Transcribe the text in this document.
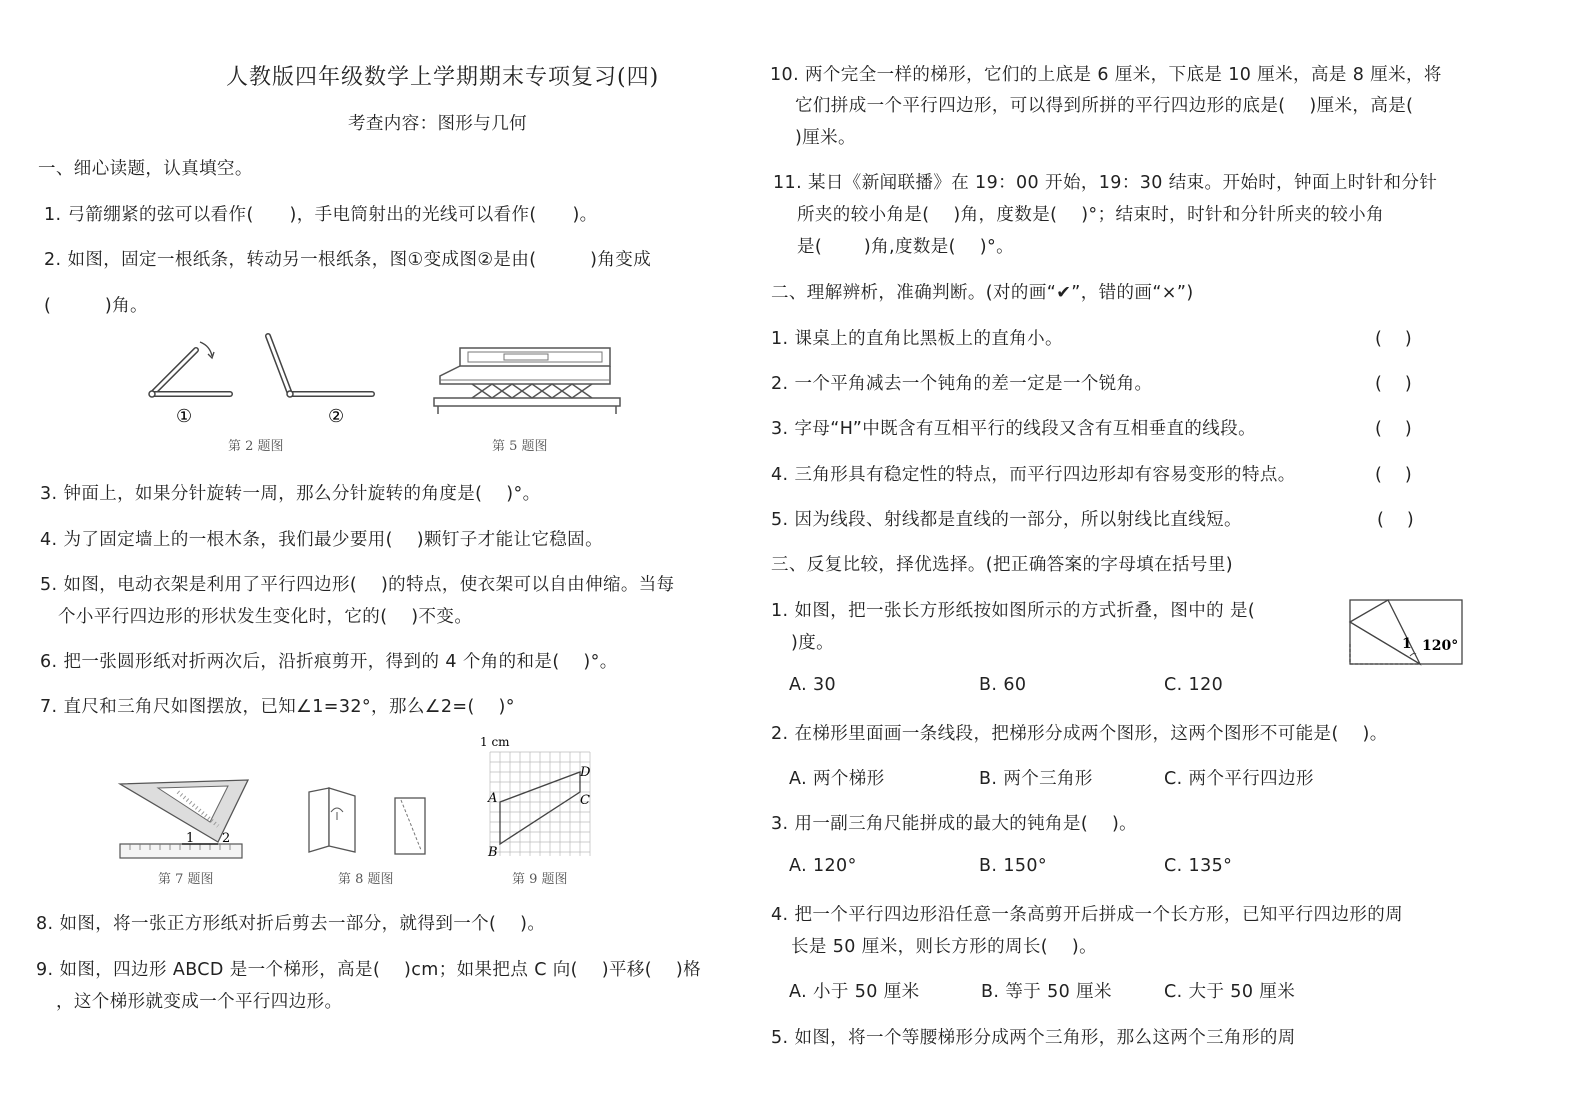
人教版四年级数学上学期期末专项复习(四)
考查内容：图形与几何
一、细心读题，认真填空。
1. 弓箭绷紧的弦可以看作(　　)，手电筒射出的光线可以看作(　　)。
2. 如图，固定一根纸条，转动另一根纸条，图①变成图②是由(　　　)角变成
(　　　)角。
①	②
第 2 题图	第 5 题图
3. 钟面上，如果分针旋转一周，那么分针旋转的角度是(　 )°。
4. 为了固定墙上的一根木条，我们最少要用(　 )颗钉子才能让它稳固。
5. 如图，电动衣架是利用了平行四边形(　 )的特点，使衣架可以自由伸缩。当每
个小平行四边形的形状发生变化时，它的(　 )不变。
6. 把一张圆形纸对折两次后，沿折痕剪开，得到的 4 个角的和是(　 )°。
7. 直尺和三角尺如图摆放，已知∠1=32°，那么∠2=(　 )°
1 2
第 7 题图	第 8 题图
1 cm
A
B
C
D
第 9 题图
8. 如图，将一张正方形纸对折后剪去一部分，就得到一个(　 )。
9. 如图，四边形 ABCD 是一个梯形，高是(　 )cm；如果把点 C 向(　 )平移(　 )格
，这个梯形就变成一个平行四边形。
10. 两个完全一样的梯形，它们的上底是 6 厘米，下底是 10 厘米，高是 8 厘米，将
它们拼成一个平行四边形，可以得到所拼的平行四边形的底是(　 )厘米，高是(
)厘米。
11. 某日《新闻联播》在 19：00 开始，19：30 结束。开始时，钟面上时针和分针
所夹的较小角是(　 )角，度数是(　 )°；结束时，时针和分针所夹的较小角
是(　　 )角,度数是(　 )°。
二、理解辨析，准确判断。(对的画“✔”，错的画“×”)
1. 课桌上的直角比黑板上的直角小。	(　 )
2. 一个平角减去一个钝角的差一定是一个锐角。	(　 )
3. 字母“H”中既含有互相平行的线段又含有互相垂直的线段。	(　 )
4. 三角形具有稳定性的特点，而平行四边形却有容易变形的特点。	(　 )
5. 因为线段、射线都是直线的一部分，所以射线比直线短。	(　 )
三、反复比较，择优选择。(把正确答案的字母填在括号里)
1. 如图，把一张长方形纸按如图所示的方式折叠，图中的 是(
)度。	1 120°
A. 30	B. 60	C. 120
2. 在梯形里面画一条线段，把梯形分成两个图形，这两个图形不可能是(　 )。
A. 两个梯形	B. 两个三角形	C. 两个平行四边形
3. 用一副三角尺能拼成的最大的钝角是(　 )。
A. 120°	B. 150°	C. 135°
4. 把一个平行四边形沿任意一条高剪开后拼成一个长方形，已知平行四边形的周
长是 50 厘米，则长方形的周长(　 )。
A. 小于 50 厘米	B. 等于 50 厘米	C. 大于 50 厘米
5. 如图，将一个等腰梯形分成两个三角形，那么这两个三角形的周
